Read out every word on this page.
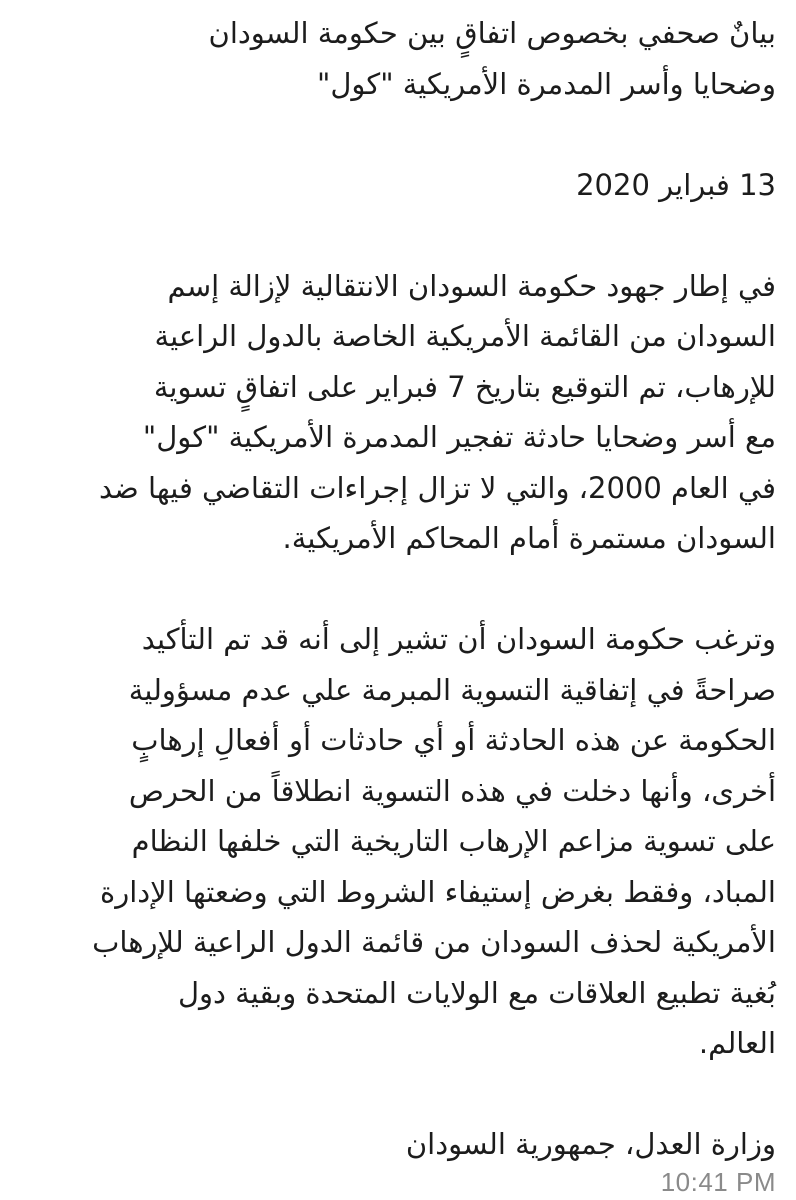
بيانٌ صحفي بخصوص اتفاقٍ بين حكومة السودان

وضحايا وأسر المدمرة الأمريكية "كول"

13 فبراير 2020

في إطار جهود حكومة السودان الانتقالية لإزالة إسم

السودان من القائمة الأمريكية الخاصة بالدول الراعية

للإرهاب، تم التوقيع بتاريخ 7 فبراير على اتفاقٍ تسوية

مع أسر وضحايا حادثة تفجير المدمرة الأمريكية "كول"

في العام 2000، والتي لا تزال إجراءات التقاضي فيها ضد

السودان مستمرة أمام المحاكم الأمريكية.

وترغب حكومة السودان أن تشير إلى أنه قد تم التأكيد

صراحةً في إتفاقية التسوية المبرمة علي عدم مسؤولية

الحكومة عن هذه الحادثة أو أي حادثات أو أفعالِ إرهابٍ

أخرى، وأنها دخلت في هذه التسوية انطلاقاً من الحرص

على تسوية مزاعم الإرهاب التاريخية التي خلفها النظام

المباد، وفقط بغرض إستيفاء الشروط التي وضعتها الإدارة

الأمريكية لحذف السودان من قائمة الدول الراعية للإرهاب

بُغية تطبيع العلاقات مع الولايات المتحدة وبقية دول

العالم.

وزارة العدل، جمهورية السودان

10:41 PM
